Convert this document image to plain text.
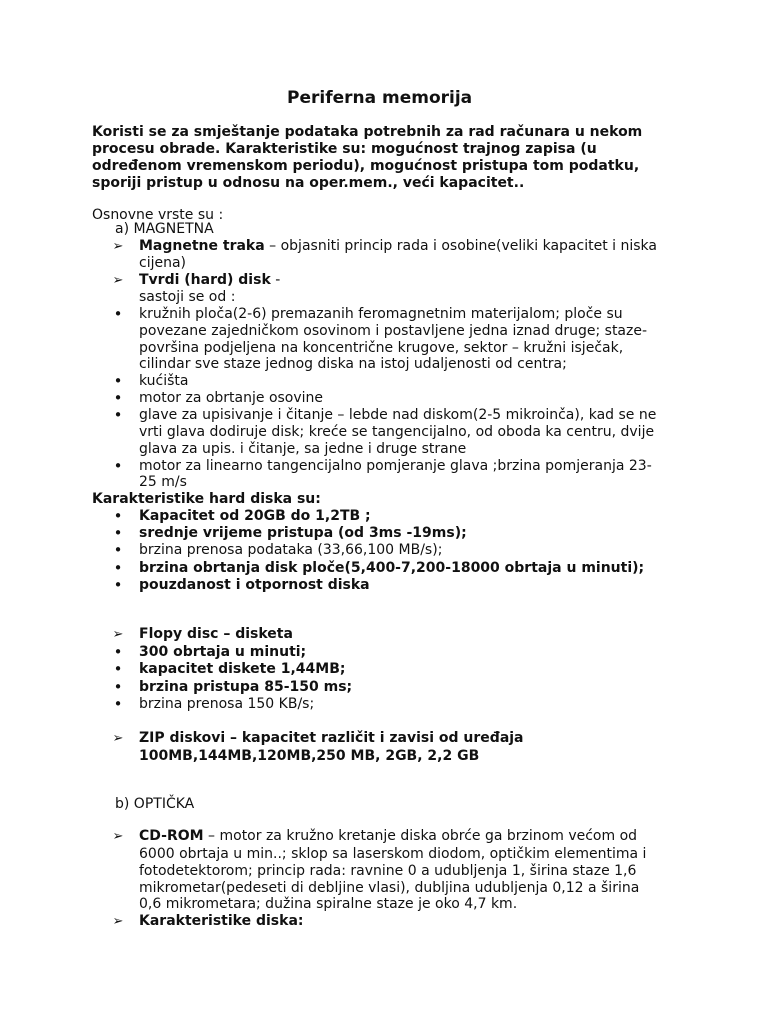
Periferna memorija
Koristi se za smještanje podataka potrebnih za rad računara u nekom
procesu obrade. Karakteristike su: mogućnost trajnog zapisa (u
određenom vremenskom periodu), mogućnost pristupa tom podatku,
sporiji pristup u odnosu na oper.mem., veći kapacitet..
Osnovne vrste su :
a) MAGNETNA
➢	Magnetne traka – objasniti princip rada i osobine(veliki kapacitet i niska
cijena)
➢	Tvrdi (hard) disk -
sastoji se od :
•	kružnih ploča(2-6) premazanih feromagnetnim materijalom; ploče su
povezane zajedničkom osovinom i postavljene jedna iznad druge; staze-
površina podjeljena na koncentrične krugove, sektor – kružni isječak,
cilindar sve staze jednog diska na istoj udaljenosti od centra;
•	kućišta
•	motor za obrtanje osovine
•	glave za upisivanje i čitanje – lebde nad diskom(2-5 mikroinča), kad se ne
vrti glava dodiruje disk; kreće se tangencijalno, od oboda ka centru, dvije
glava za upis. i čitanje, sa jedne i druge strane
•	motor za linearno tangencijalno pomjeranje glava ;brzina pomjeranja 23-
25 m/s
Karakteristike hard diska su:
•	Kapacitet od 20GB do 1,2TB ;
•	srednje vrijeme pristupa (od 3ms -19ms);
•	brzina prenosa podataka (33,66,100 MB/s);
•	brzina obrtanja disk ploče(5,400-7,200-18000 obrtaja u minuti);
•	pouzdanost i otpornost diska
➢	Flopy disc – disketa
•	300 obrtaja u minuti;
•	kapacitet diskete 1,44MB;
•	brzina pristupa 85-150 ms;
•	brzina prenosa 150 KB/s;
➢	ZIP diskovi – kapacitet različit i zavisi od uređaja
100MB,144MB,120MB,250 MB, 2GB, 2,2 GB
b) OPTIČKA
➢	CD-ROM – motor za kružno kretanje diska obrće ga brzinom većom od
6000 obrtaja u min..; sklop sa laserskom diodom, optičkim elementima i
fotodetektorom; princip rada: ravnine 0 a udubljenja 1, širina staze 1,6
mikrometar(pedeseti di debljine vlasi), dubljina udubljenja 0,12 a širina
0,6 mikrometara; dužina spiralne staze je oko 4,7 km.
➢	Karakteristike diska:
